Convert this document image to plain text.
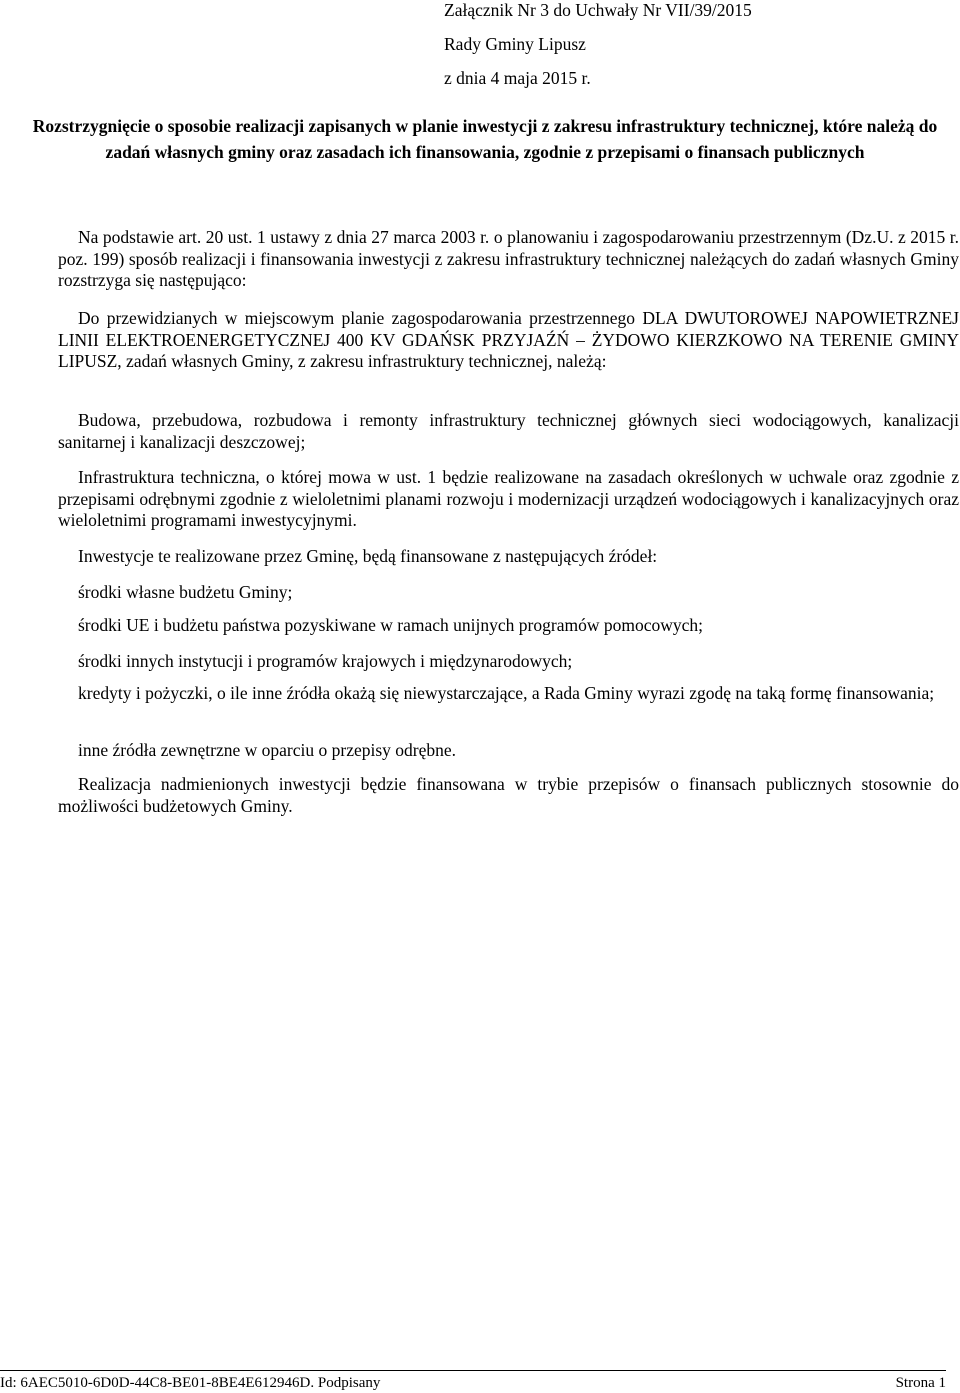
Załącznik Nr 3 do Uchwały Nr VII/39/2015

Rady Gminy Lipusz

z dnia 4 maja 2015 r.

Rozstrzygnięcie o sposobie realizacji zapisanych w planie inwestycji z zakresu infrastruktury technicznej, które należą do zadań własnych gminy oraz zasadach ich finansowania, zgodnie z przepisami o finansach publicznych

Na podstawie art. 20 ust. 1 ustawy z dnia 27 marca 2003 r. o planowaniu i zagospodarowaniu przestrzennym (Dz.U. z 2015 r. poz. 199) sposób realizacji i finansowania inwestycji z zakresu infrastruktury technicznej należących do zadań własnych Gminy rozstrzyga się następująco:

Do przewidzianych w miejscowym planie zagospodarowania przestrzennego DLA DWUTOROWEJ NAPOWIETRZNEJ LINII ELEKTROENERGETYCZNEJ 400 KV GDAŃSK PRZYJAŹŃ – ŻYDOWO KIERZKOWO NA TERENIE GMINY LIPUSZ, zadań własnych Gminy, z zakresu infrastruktury technicznej, należą:

Budowa, przebudowa, rozbudowa i remonty infrastruktury technicznej głównych sieci wodociągowych, kanalizacji sanitarnej i kanalizacji deszczowej;

Infrastruktura techniczna, o której mowa w ust. 1 będzie realizowane na zasadach określonych w uchwale oraz zgodnie z przepisami odrębnymi zgodnie z wieloletnimi planami rozwoju i modernizacji urządzeń wodociągowych i kanalizacyjnych oraz wieloletnimi programami inwestycyjnymi.

Inwestycje te realizowane przez Gminę, będą finansowane z następujących źródeł:

środki własne budżetu Gminy;

środki UE i budżetu państwa pozyskiwane w ramach unijnych programów pomocowych;

środki innych instytucji i programów krajowych i międzynarodowych;

kredyty i pożyczki, o ile inne źródła okażą się niewystarczające, a Rada Gminy wyrazi zgodę na taką formę finansowania;

inne źródła zewnętrzne w oparciu o przepisy odrębne.

Realizacja nadmienionych inwestycji będzie finansowana w trybie przepisów o finansach publicznych stosownie do możliwości budżetowych Gminy.

Id: 6AEC5010-6D0D-44C8-BE01-8BE4E612946D. Podpisany	Strona 1
